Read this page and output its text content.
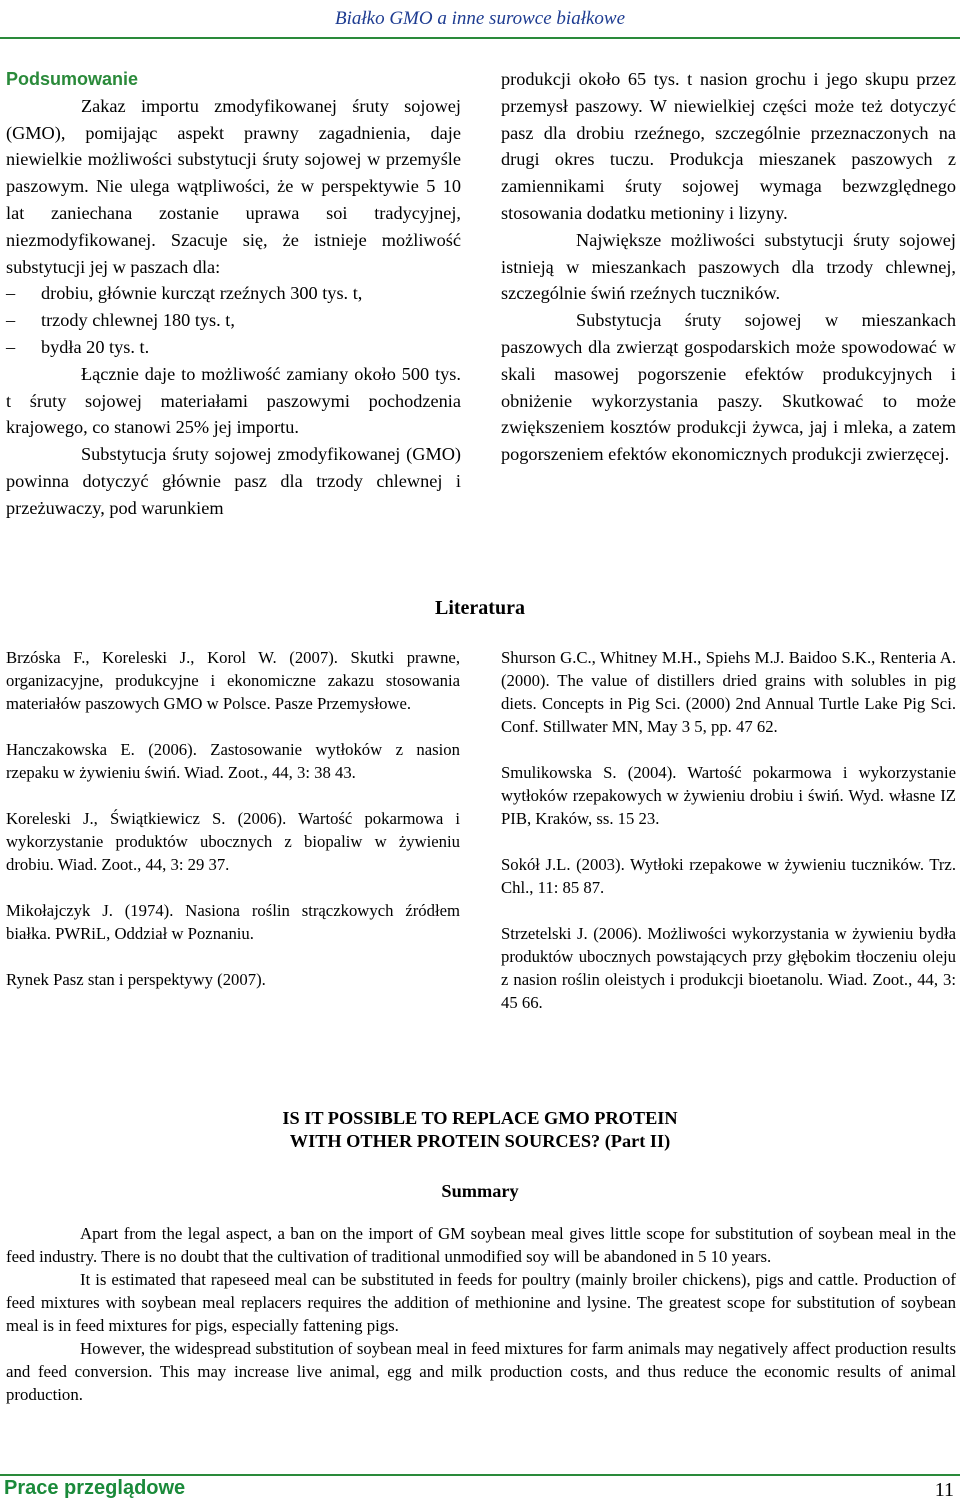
Białko GMO a inne surowce białkowe
Podsumowanie

Zakaz importu zmodyfikowanej śruty sojowej (GMO), pomijając aspekt prawny zagadnienia, daje niewielkie możliwości substytucji śruty sojowej w przemyśle paszowym. Nie ulega wątpliwości, że w perspektywie 5 10 lat zaniechana zostanie uprawa soi tradycyjnej, niezmodyfikowanej. Szacuje się, że istnieje możliwość substytucji jej w paszach dla:

– drobiu, głównie kurcząt rzeźnych 300 tys. t,
– trzody chlewnej 180 tys. t,
– bydła 20 tys. t.

Łącznie daje to możliwość zamiany około 500 tys. t śruty sojowej materiałami paszowymi pochodzenia krajowego, co stanowi 25% jej importu.

Substytucja śruty sojowej zmodyfikowanej (GMO) powinna dotyczyć głównie pasz dla trzody chlewnej i przeżuwaczy, pod warunkiem

produkcji około 65 tys. t nasion grochu i jego skupu przez przemysł paszowy. W niewielkiej części może też dotyczyć pasz dla drobiu rzeźnego, szczególnie przeznaczonych na drugi okres tuczu. Produkcja mieszanek paszowych z zamiennikami śruty sojowej wymaga bezwzględnego stosowania dodatku metioniny i lizyny.

Największe możliwości substytucji śruty sojowej istnieją w mieszankach paszowych dla trzody chlewnej, szczególnie świń rzeźnych tuczników.

Substytucja śruty sojowej w mieszankach paszowych dla zwierząt gospodarskich może spowodować w skali masowej pogorszenie efektów produkcyjnych i obniżenie wykorzystania paszy. Skutkować to może zwiększeniem kosztów produkcji żywca, jaj i mleka, a zatem pogorszeniem efektów ekonomicznych produkcji zwierzęcej.

Literatura
Brzóska F., Koreleski J., Korol W. (2007). Skutki prawne, organizacyjne, produkcyjne i ekonomiczne zakazu stosowania materiałów paszowych GMO w Polsce. Pasze Przemysłowe.
Hanczakowska E. (2006). Zastosowanie wytłoków z nasion rzepaku w żywieniu świń. Wiad. Zoot., 44, 3: 38 43.
Koreleski J., Świątkiewicz S. (2006). Wartość pokarmowa i wykorzystanie produktów ubocznych z biopaliw w żywieniu drobiu. Wiad. Zoot., 44, 3: 29 37.
Mikołajczyk J. (1974). Nasiona roślin strączkowych źródłem białka. PWRiL, Oddział w Poznaniu.
Rynek Pasz stan i perspektywy (2007).
Shurson G.C., Whitney M.H., Spiehs M.J. Baidoo S.K., Renteria A. (2000). The value of distillers dried grains with solubles in pig diets. Concepts in Pig Sci. (2000) 2nd Annual Turtle Lake Pig Sci. Conf. Stillwater MN, May 3 5, pp. 47 62.
Smulikowska S. (2004). Wartość pokarmowa i wykorzystanie wytłoków rzepakowych w żywieniu drobiu i świń. Wyd. własne IZ PIB, Kraków, ss. 15 23.
Sokół J.L. (2003). Wytłoki rzepakowe w żywieniu tuczników. Trz. Chl., 11: 85 87.
Strzetelski J. (2006). Możliwości wykorzystania w żywieniu bydła produktów ubocznych powstających przy głębokim tłoczeniu oleju z nasion roślin oleistych i produkcji bioetanolu. Wiad. Zoot., 44, 3: 45 66.
IS IT POSSIBLE TO REPLACE GMO PROTEIN
WITH OTHER PROTEIN SOURCES? (Part II)
Summary

Apart from the legal aspect, a ban on the import of GM soybean meal gives little scope for substitution of soybean meal in the feed industry. There is no doubt that the cultivation of traditional unmodified soy will be abandoned in 5 10 years.

It is estimated that rapeseed meal can be substituted in feeds for poultry (mainly broiler chickens), pigs and cattle. Production of feed mixtures with soybean meal replacers requires the addition of methionine and lysine. The greatest scope for substitution of soybean meal is in feed mixtures for pigs, especially fattening pigs.

However, the widespread substitution of soybean meal in feed mixtures for farm animals may negatively affect production results and feed conversion. This may increase live animal, egg and milk production costs, and thus reduce the economic results of animal production.

Prace przeglądowe	11
